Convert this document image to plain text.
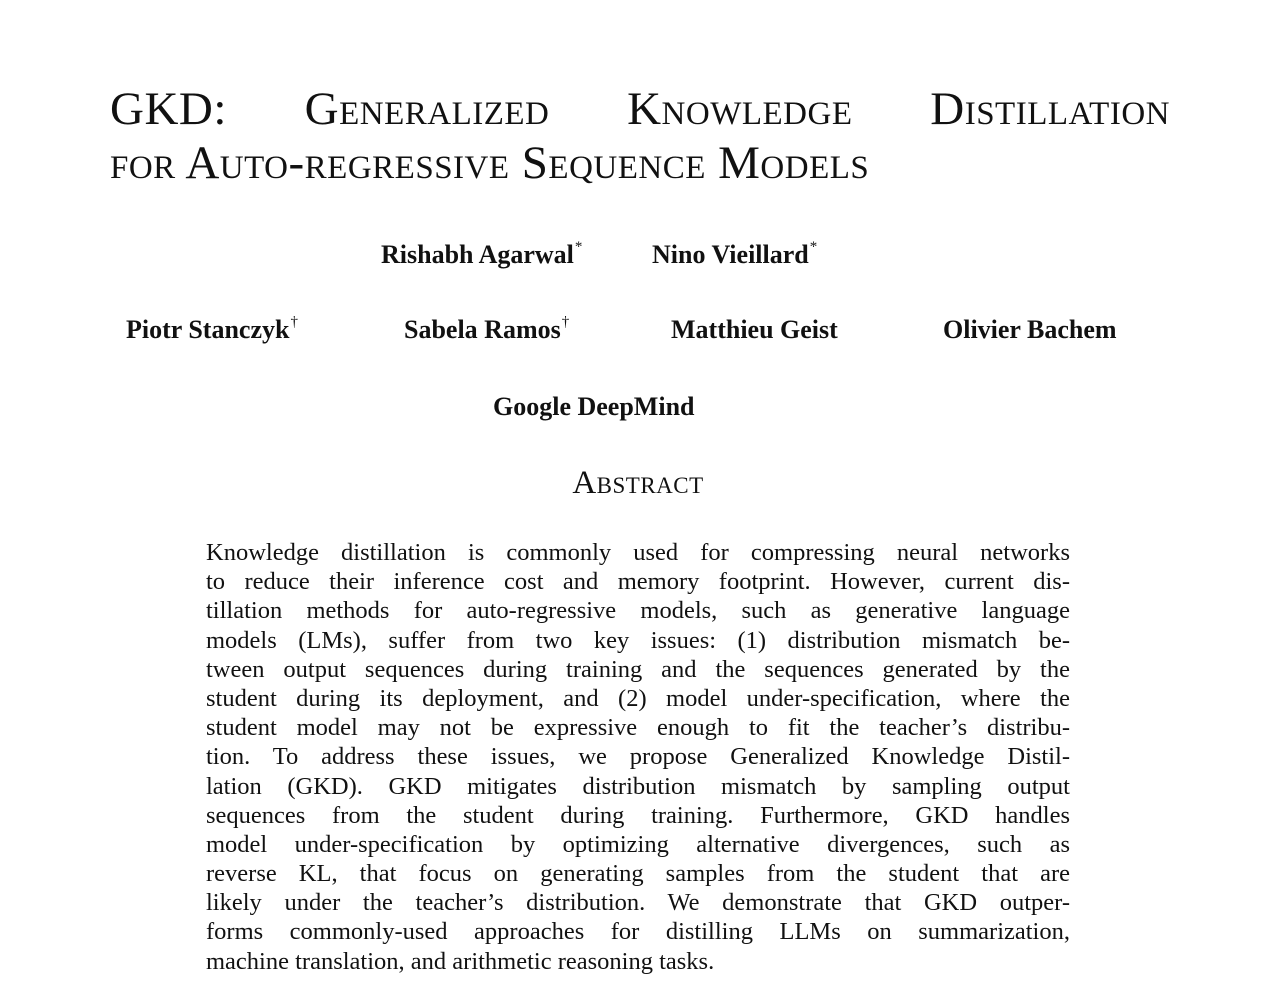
GKD: Generalized Knowledge Distillation
for Auto-regressive Sequence Models
Rishabh Agarwal*	Nino Vieillard*
Piotr Stanczyk†	Sabela Ramos†	Matthieu Geist	Olivier Bachem
Google DeepMind
Abstract
Knowledge distillation is commonly used for compressing neural networks
to reduce their inference cost and memory footprint. However, current dis-
tillation methods for auto-regressive models, such as generative language
models (LMs), suffer from two key issues: (1) distribution mismatch be-
tween output sequences during training and the sequences generated by the
student during its deployment, and (2) model under-specification, where the
student model may not be expressive enough to fit the teacher’s distribu-
tion. To address these issues, we propose Generalized Knowledge Distil-
lation (GKD). GKD mitigates distribution mismatch by sampling output
sequences from the student during training. Furthermore, GKD handles
model under-specification by optimizing alternative divergences, such as
reverse KL, that focus on generating samples from the student that are
likely under the teacher’s distribution. We demonstrate that GKD outper-
forms commonly-used approaches for distilling LLMs on summarization,
machine translation, and arithmetic reasoning tasks.
